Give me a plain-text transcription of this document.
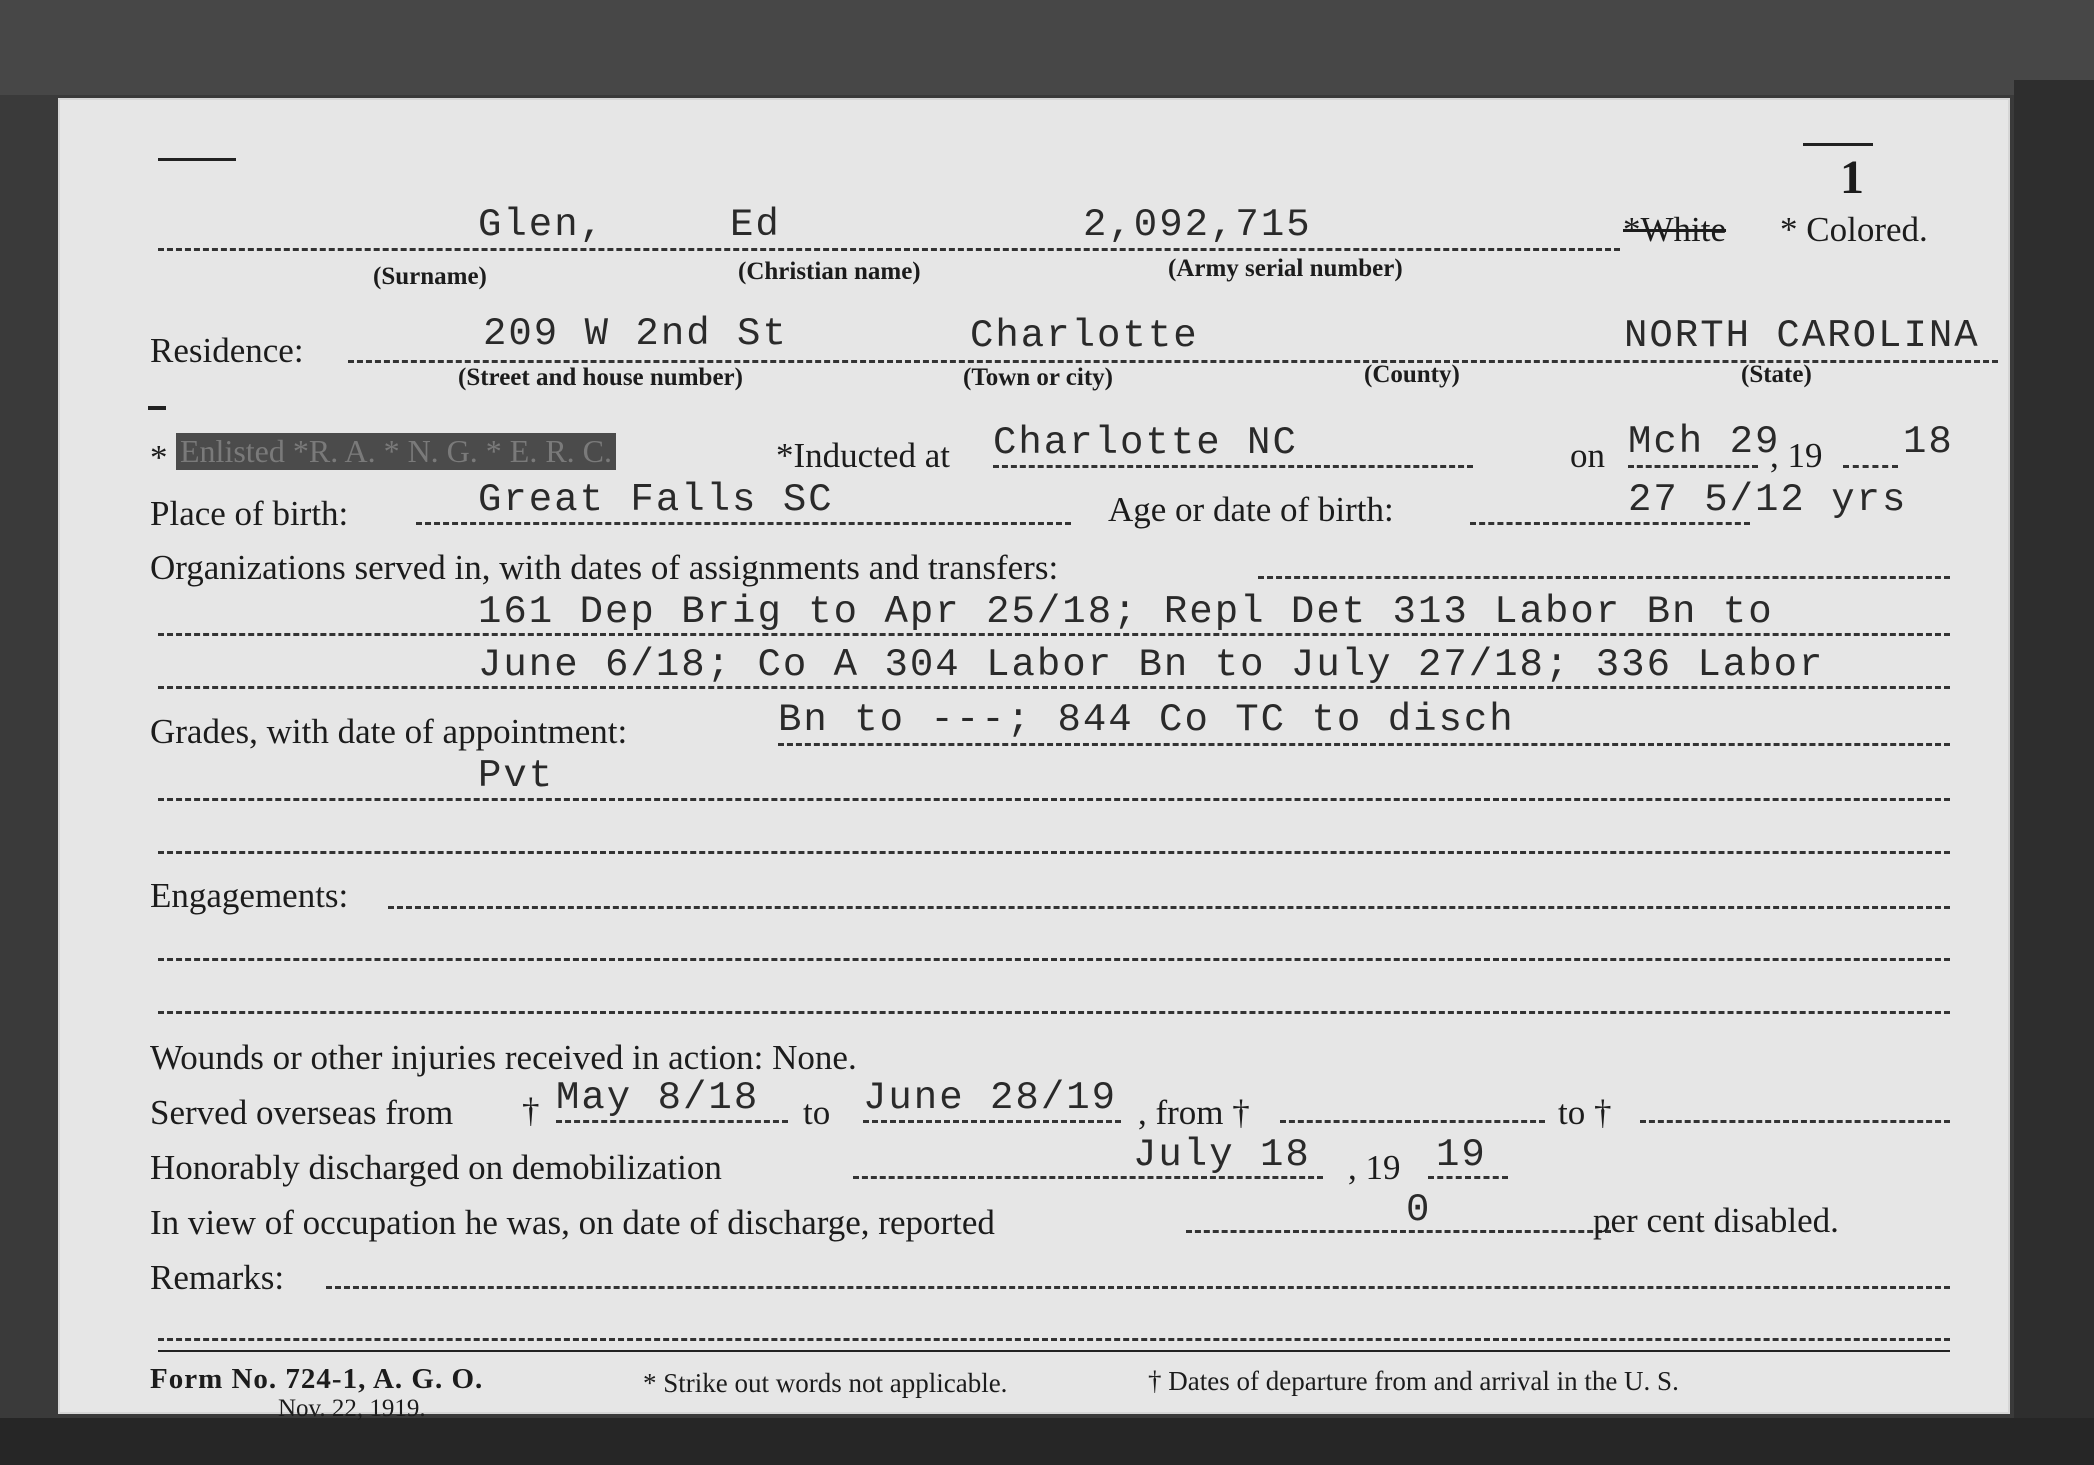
1
Glen,	Ed	2,092,715	*White * Colored.
(Surname)	(Christian name)	(Army serial number)
Residence:	209 W 2nd St	Charlotte	NORTH CAROLINA
(Street and house number)	(Town or city)	(County)	(State)
* Enlisted *R. A. * N. G. * E. R. C.	*Inducted at Charlotte NC	on Mch 29
, 19 18
Place of birth:	Great Falls SC	Age or date of birth:	27 5/12 yrs
Organizations served in, with dates of assignments and transfers:
161 Dep Brig to Apr 25/18; Repl Det 313 Labor Bn to
June 6/18; Co A 304 Labor Bn to July 27/18; 336 Labor
Grades, with date of appointment:	Bn to ---; 844 Co TC to disch
Pvt
Engagements:
Wounds or other injuries received in action: None.
Served overseas from † May 8/18 to June 28/19 , from †	to †
Honorably discharged on demobilization	July 18 , 19 19
In view of occupation he was, on date of discharge, reported	0	per cent disabled.
Remarks:
Form No. 724-1, A. G. O.
Nov. 22, 1919.
* Strike out words not applicable.	† Dates of departure from and arrival in the U. S.
